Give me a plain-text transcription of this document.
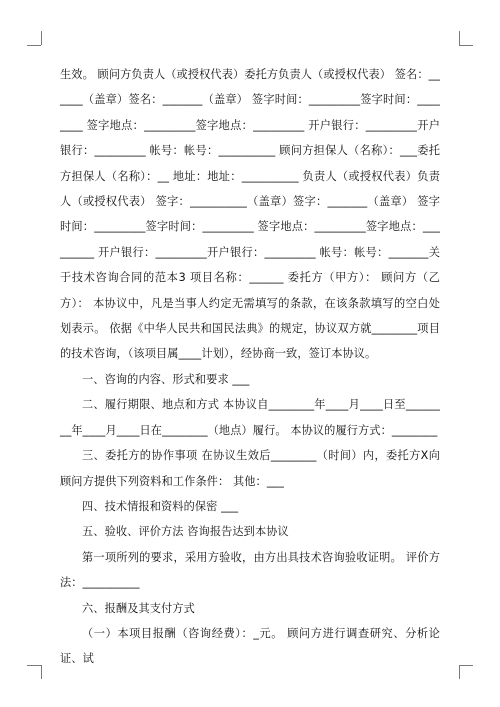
生效。 顾问方负责人（或授权代表）委托方负责人（或授权代表） 签名：______（盖章）签名：_______（盖章） 签字时间：_________签字时间：________ 签字地点：_________签字地点：_________ 开户银行：_________开户银行：_________ 帐号：帐号：__________ 顾问方担保人（名称）：___委托方担保人（名称）：__ 地址：地址：__________ 负责人（或授权代表）负责人（或授权代表） 签字：__________（盖章）签字：_______（盖章） 签字时间：_________签字时间：_________ 签字地点：_________签字地点：_________ 开户银行：_________开户银行：_________ 帐号：帐号：_______关于技术咨询合同的范本3 项目名称：______ 委托方（甲方）： 顾问方（乙方）： 本协议中，凡是当事人约定无需填写的条款，在该条款填写的空白处划表示。 依据《中华人民共和国民法典》的规定，协议双方就________项目的技术咨询，（该项目属____计划），经协商一致，签订本协议。

一、咨询的内容、形式和要求 ___

二、履行期限、地点和方式 本协议自________年____月____日至________年____月____日在________（地点）履行。 本协议的履行方式：________

三、委托方的协作事项 在协议生效后________（时间）内，委托方X向顾问方提供下列资料和工作条件： 其他：___

四、技术情报和资料的保密 ___

五、验收、评价方法 咨询报告达到本协议

第一项所列的要求，采用方验收，由方出具技术咨询验收证明。 评价方法：__________

六、报酬及其支付方式

（一）本项目报酬（咨询经费）：_元。 顾问方进行调查研究、分析论证、试
